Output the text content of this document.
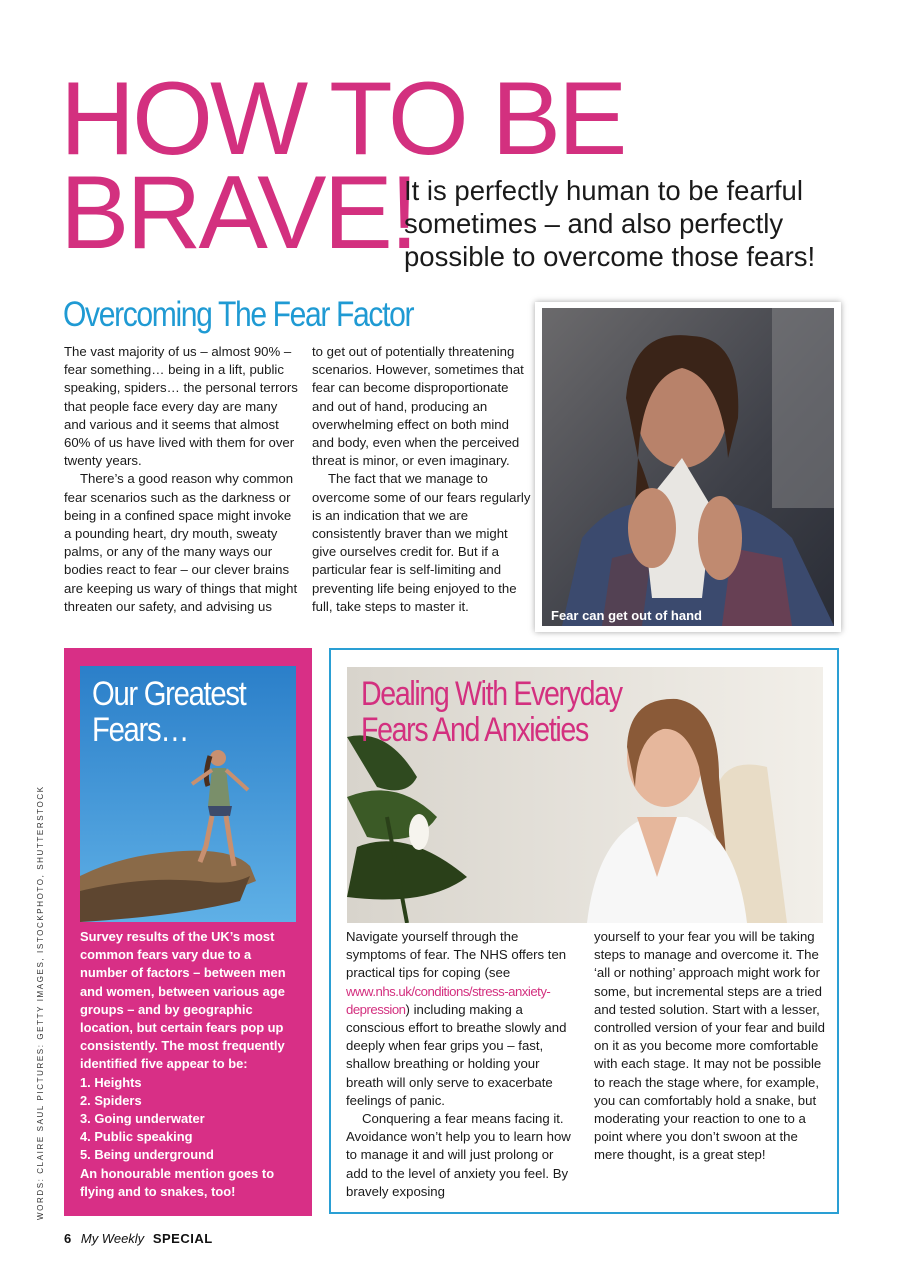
HOW TO BE
BRAVE!

It is perfectly human to be fearful sometimes – and also perfectly possible to overcome those fears!

Overcoming The Fear Factor

The vast majority of us – almost 90% – fear something… being in a lift, public speaking, spiders… the personal terrors that people face every day are many and various and it seems that almost 60% of us have lived with them for over twenty years.

There’s a good reason why common fear scenarios such as the darkness or being in a confined space might invoke a pounding heart, dry mouth, sweaty palms, or any of the many ways our bodies react to fear – our clever brains are keeping us wary of things that might threaten our safety, and advising us

to get out of potentially threatening scenarios. However, sometimes that fear can become disproportionate and out of hand, producing an overwhelming effect on both mind and body, even when the perceived threat is minor, or even imaginary.

The fact that we manage to overcome some of our fears regularly is an indication that we are consistently braver than we might give ourselves credit for. But if a particular fear is self-limiting and preventing life being enjoyed to the full, take steps to master it.

Fear can get out of hand
Our Greatest
Fears…

Survey results of the UK’s most common fears vary due to a number of factors – between men and women, between various age groups – and by geographic location, but certain fears pop up consistently. The most frequently identified five appear to be:

1. Heights
2. Spiders
3. Going underwater
4. Public speaking
5. Being underground

An honourable mention goes to flying and to snakes, too!

Dealing With Everyday
Fears And Anxieties

Navigate yourself through the symptoms of fear. The NHS offers ten practical tips for coping (see www.nhs.uk/conditions/stress-anxiety-depression) including making a conscious effort to breathe slowly and deeply when fear grips you – fast, shallow breathing or holding your breath will only serve to exacerbate feelings of panic.

Conquering a fear means facing it. Avoidance won’t help you to learn how to manage it and will just prolong or add to the level of anxiety you feel. By bravely exposing

yourself to your fear you will be taking steps to manage and overcome it. The ‘all or nothing’ approach might work for some, but incremental steps are a tried and tested solution. Start with a lesser, controlled version of your fear and build on it as you become more comfortable with each stage. It may not be possible to reach the stage where, for example, you can comfortably hold a snake, but moderating your reaction to one to a point where you don’t swoon at the mere thought, is a great step!

WORDS: CLAIRE SAUL PICTURES: GETTY IMAGES, ISTOCKPHOTO, SHUTTERSTOCK
6 My Weekly SPECIAL
